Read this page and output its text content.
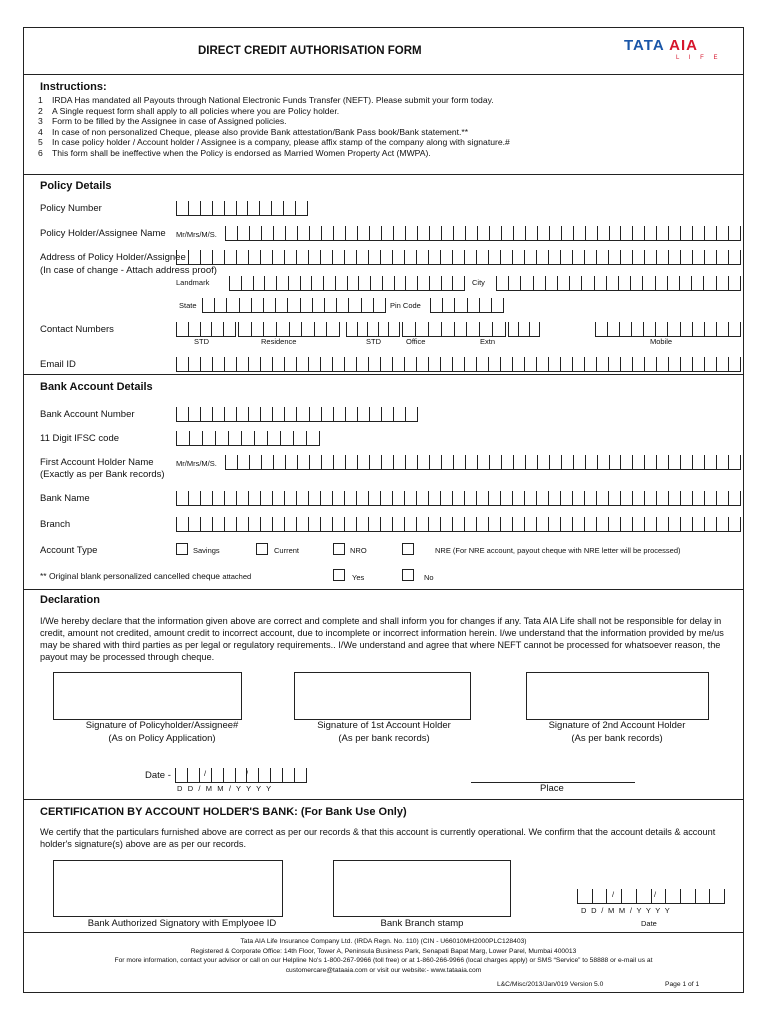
DIRECT CREDIT AUTHORISATION FORM	TATA AIA
L I F E
Instructions:
1 IRDA Has mandated all Payouts through National Electronic Funds Transfer (NEFT). Please submit your form today.
2 A Single request form shall apply to all policies where you are Policy holder.
3 Form to be filled by the Assignee in case of Assigned policies.
4 In case of non personalized Cheque, please also provide Bank attestation/Bank Pass book/Bank statement.**
5 In case policy holder / Account holder / Assignee is a company, please affix stamp of the company along with signature.#
6 This form shall be ineffective when the Policy is endorsed as Married Women Property Act (MWPA).
Policy Details
Policy Number
Policy Holder/Assignee Name Mr/Mrs/M/S.
Address of Policy Holder/Assignee
(In case of change - Attach address proof)
Landmark	City
State	Pin Code
Contact Numbers
STD	Residence	STD	Office	Extn	Mobile
Email ID
Bank Account Details
Bank Account Number
11 Digit IFSC code
First Account Holder Name
(Exactly as per Bank records)
Mr/Mrs/M/S.
Bank Name
Branch
Account Type	Savings	Current	NRO	NRE (For NRE account, payout cheque with NRE letter will be processed)
** Original blank personalized cancelled cheque attached	Yes	No
Declaration
I/We hereby declare that the information given above are correct and complete and shall inform you for changes if any. Tata AIA Life shall not be responsible for delay in credit, amount not credited, amount credit to incorrect account, due to incomplete or incorrect information herein. I/we understand that the information provided by me/us may be shared with third parties as per legal or regulatory requirements.. I/We understand and agree that where NEFT cannot be processed for whatsoever reason, the payout may be processed through cheque.
Signature of Policyholder/Assignee#
(As on Policy Application)
Signature of 1st Account Holder
(As per bank records)
Signature of 2nd Account Holder
(As per bank records)
Date -	/	/
D D / M M / Y Y Y Y	Place
CERTIFICATION BY ACCOUNT HOLDER'S BANK: (For Bank Use Only)
We certify that the particulars furnished above are correct as per our records & that this account is currently operational. We confirm that the account details & account holder's signature(s) above are as per our records.
Bank Authorized Signatory with Emplyoee ID	Bank Branch stamp
/	/
D D / M M / Y Y Y Y
Date
Tata AIA Life Insurance Company Ltd. (IRDA Regn. No. 110) (CIN - U66010MH2000PLC128403)
Registered & Corporate Office: 14th Floor, Tower A, Peninsula Business Park, Senapati Bapat Marg, Lower Parel, Mumbai 400013
For more information, contact your advisor or call on our Helpline No's 1-800-267-9966 (toll free) or at 1-860-266-9966 (local charges apply) or SMS “Service” to 58888 or e-mail us at
customercare@tataaia.com or visit our website:- www.tataaia.com
L&C/Misc/2013/Jan/019 Version 5.0	Page 1 of 1
